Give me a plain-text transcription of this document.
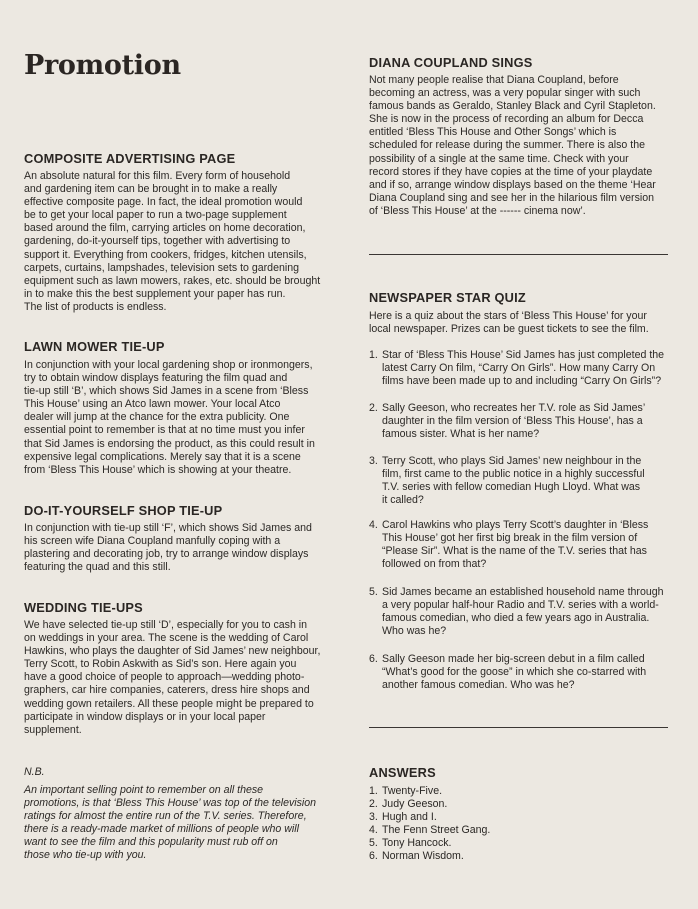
Promotion
COMPOSITE ADVERTISING PAGE

An absolute natural for this film. Every form of household
and gardening item can be brought in to make a really
effective composite page. In fact, the ideal promotion would
be to get your local paper to run a two-page supplement
based around the film, carrying articles on home decoration,
gardening, do-it-yourself tips, together with advertising to
support it. Everything from cookers, fridges, kitchen utensils,
carpets, curtains, lampshades, television sets to gardening
equipment such as lawn mowers, rakes, etc. should be brought
in to make this the best supplement your paper has run.
The list of products is endless.

LAWN MOWER TIE-UP

In conjunction with your local gardening shop or ironmongers,
try to obtain window displays featuring the film quad and
tie-up still ‘B’, which shows Sid James in a scene from ‘Bless
This House’ using an Atco lawn mower. Your local Atco
dealer will jump at the chance for the extra publicity. One
essential point to remember is that at no time must you infer
that Sid James is endorsing the product, as this could result in
expensive legal complications. Merely say that it is a scene
from ‘Bless This House’ which is showing at your theatre.

DO-IT-YOURSELF SHOP TIE-UP

In conjunction with tie-up still ‘F’, which shows Sid James and
his screen wife Diana Coupland manfully coping with a
plastering and decorating job, try to arrange window displays
featuring the quad and this still.

WEDDING TIE-UPS

We have selected tie-up still ‘D’, especially for you to cash in
on weddings in your area. The scene is the wedding of Carol
Hawkins, who plays the daughter of Sid James’ new neighbour,
Terry Scott, to Robin Askwith as Sid’s son. Here again you
have a good choice of people to approach—wedding photo-
graphers, car hire companies, caterers, dress hire shops and
wedding gown retailers. All these people might be prepared to
participate in window displays or in your local paper
supplement.

N.B.

An important selling point to remember on all these
promotions, is that ‘Bless This House’ was top of the television
ratings for almost the entire run of the T.V. series. Therefore,
there is a ready-made market of millions of people who will
want to see the film and this popularity must rub off on
those who tie-up with you.

DIANA COUPLAND SINGS

Not many people realise that Diana Coupland, before
becoming an actress, was a very popular singer with such
famous bands as Geraldo, Stanley Black and Cyril Stapleton.
She is now in the process of recording an album for Decca
entitled ‘Bless This House and Other Songs’ which is
scheduled for release during the summer. There is also the
possibility of a single at the same time. Check with your
record stores if they have copies at the time of your playdate
and if so, arrange window displays based on the theme ‘Hear
Diana Coupland sing and see her in the hilarious film version
of ‘Bless This House’ at the ------ cinema now’.

NEWSPAPER STAR QUIZ

Here is a quiz about the stars of ‘Bless This House’ for your
local newspaper. Prizes can be guest tickets to see the film.

1. Star of ‘Bless This House’ Sid James has just completed the
latest Carry On film, “Carry On Girls”. How many Carry On
films have been made up to and including “Carry On Girls”?

2. Sally Geeson, who recreates her T.V. role as Sid James’
daughter in the film version of ‘Bless This House’, has a
famous sister. What is her name?

3. Terry Scott, who plays Sid James’ new neighbour in the
film, first came to the public notice in a highly successful
T.V. series with fellow comedian Hugh Lloyd. What was
it called?

4. Carol Hawkins who plays Terry Scott’s daughter in ‘Bless
This House’ got her first big break in the film version of
“Please Sir”. What is the name of the T.V. series that has
followed on from that?

5. Sid James became an established household name through
a very popular half-hour Radio and T.V. series with a world-
famous comedian, who died a few years ago in Australia.
Who was he?

6. Sally Geeson made her big-screen debut in a film called
“What’s good for the goose” in which she co-starred with
another famous comedian. Who was he?

ANSWERS
1. Twenty-Five.
2. Judy Geeson.
3. Hugh and I.
4. The Fenn Street Gang.
5. Tony Hancock.
6. Norman Wisdom.
